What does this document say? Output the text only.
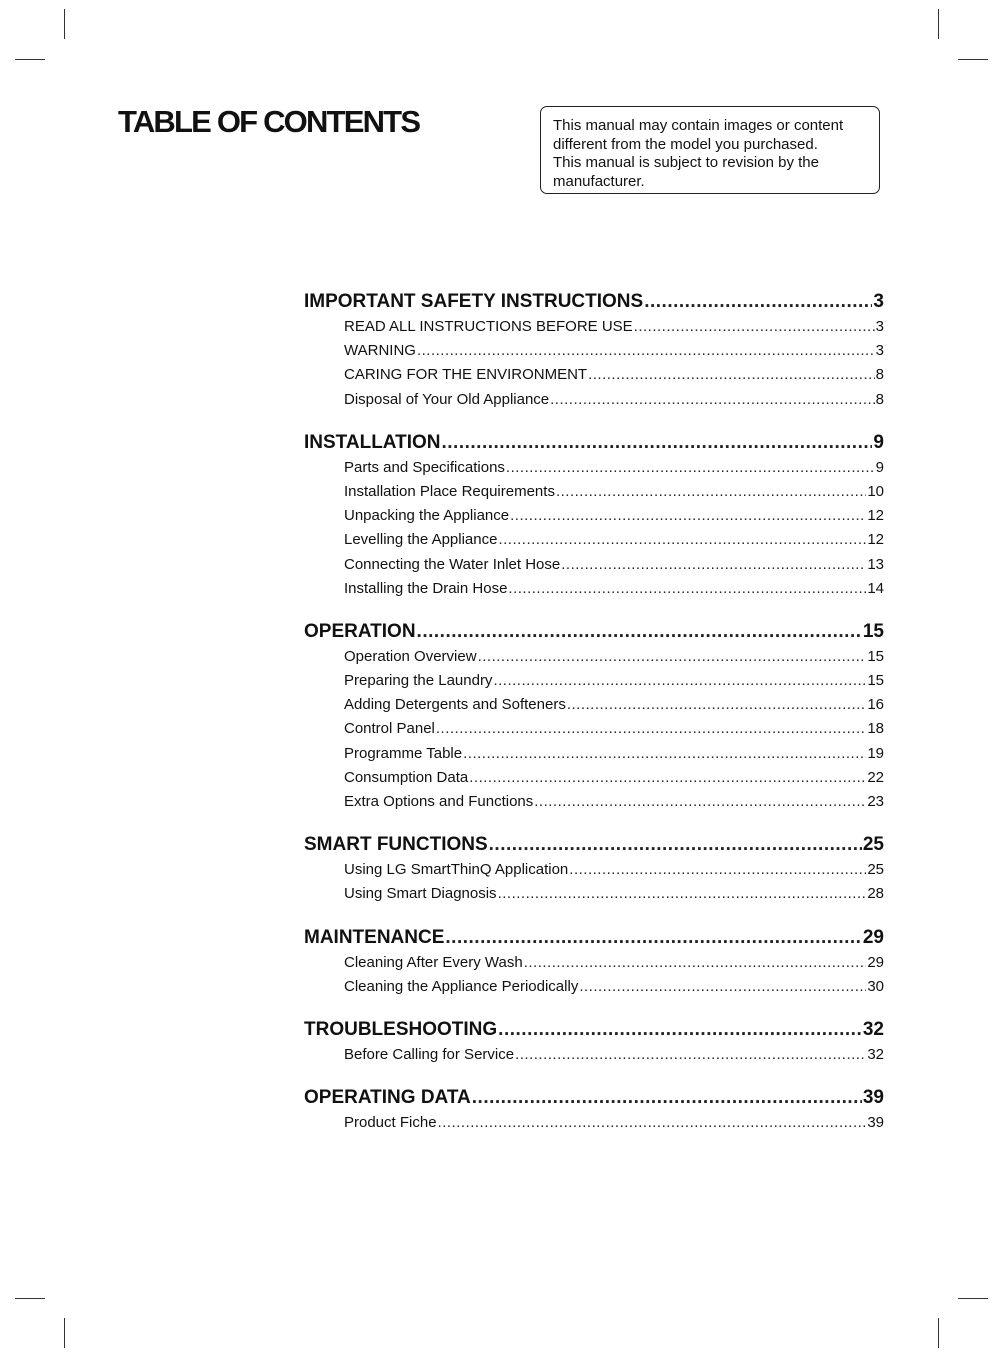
TABLE OF CONTENTS	This manual may contain images or content
different from the model you purchased.
This manual is subject to revision by the
manufacturer.
IMPORTANT SAFETY INSTRUCTIONS .....	3
READ ALL INSTRUCTIONS BEFORE USE .....	3
WARNING .....	3
CARING FOR THE ENVIRONMENT .....	8
Disposal of Your Old Appliance .....	8
INSTALLATION .....	9
Parts and Specifications .....	9
Installation Place Requirements .....	10
Unpacking the Appliance .....	12
Levelling the Appliance .....	12
Connecting the Water Inlet Hose .....	13
Installing the Drain Hose .....	14
OPERATION .....	15
Operation Overview .....	15
Preparing the Laundry .....	15
Adding Detergents and Softeners .....	16
Control Panel .....	18
Programme Table .....	19
Consumption Data .....	22
Extra Options and Functions .....	23
SMART FUNCTIONS .....	25
Using LG SmartThinQ Application .....	25
Using Smart Diagnosis .....	28
MAINTENANCE .....	29
Cleaning After Every Wash .....	29
Cleaning the Appliance Periodically .....	30
TROUBLESHOOTING .....	32
Before Calling for Service .....	32
OPERATING DATA .....	39
Product Fiche .....	39
